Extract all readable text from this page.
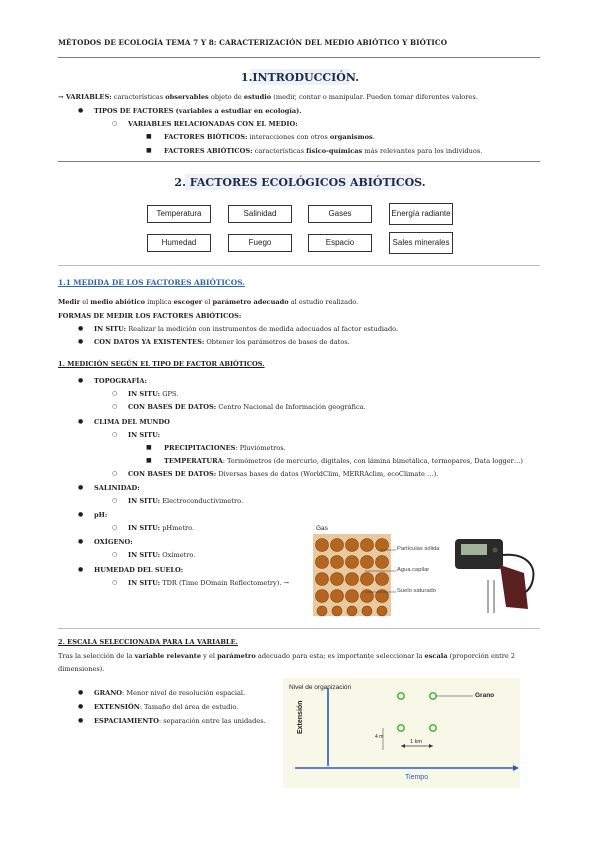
MÉTODOS DE ECOLOGÍA TEMA 7 Y 8: CARACTERIZACIÓN DEL MEDIO ABIÓTICO Y BIÓTICO
1.INTRODUCCIÓN.
→ VARIABLES: características observables objeto de estudio (medir, contar o manipular. Pueden tomar diferentes valores.
● TIPOS DE FACTORES (variables a estudiar en ecología).
○ VARIABLES RELACIONADAS CON EL MEDIO:
■ FACTORES BIÓTICOS: interacciones con otros organismos.
■ FACTORES ABIÓTICOS: características físico-químicas más relevantes para los individuos.
2. FACTORES ECOLÓGICOS ABIÓTICOS.
Temperatura	Salinidad	Gases	Energía radiante
Humedad	Fuego	Espacio	Sales minerales
1.1 MEDIDA DE LOS FACTORES ABIÓTICOS.
Medir el medio abiótico implica escoger el parámetro adecuado al estudio realizado.
FORMAS DE MEDIR LOS FACTORES ABIÓTICOS:
● IN SITU: Realizar la medición con instrumentos de medida adecuados al factor estudiado.
● CON DATOS YA EXISTENTES: Obtener los parámetros de bases de datos.
1. MEDICIÓN SEGÚN EL TIPO DE FACTOR ABIÓTICOS.
● TOPOGRAFÍA:
○ IN SITU: GPS.
○ CON BASES DE DATOS: Centro Nacional de Información geográfica.
● CLIMA DEL MUNDO
○ IN SITU:
■ PRECIPITACIONES: Pluviómetros.
■ TEMPERATURA: Termómetros (de mercurio, digitales, con lámina bimetálica, termopares, Data logger…)
○ CON BASES DE DATOS: Diversas bases de datos (WorldClim, MERRAclim, ecoClimate …).
● SALINIDAD:
○ IN SITU: Electroconductivimetro.
● pH:
○ IN SITU: pHmetro.
● OXÍGENO:
○ IN SITU: Oxímetro.
● HUMEDAD DEL SUELO:
○ IN SITU: TDR (Time DOmain Reflectometry). →
Gas
Partículas sólida
Agua capilar
Suelo saturado
2. ESCALA SELECCIONADA PARA LA VARIABLE.
Tras la selección de la variable relevante y el parámetro adecuado para esta; es importante seleccionar la escala (proporción entre 2
dimensiones).
● GRANO: Menor nivel de resolución espacial.
● EXTENSIÓN: Tamaño del área de estudio.
● ESPACIAMIENTO: separación entre las unidades.
Nivel de organización
Grano
Extensión
1 km
4 m
Tiempo
